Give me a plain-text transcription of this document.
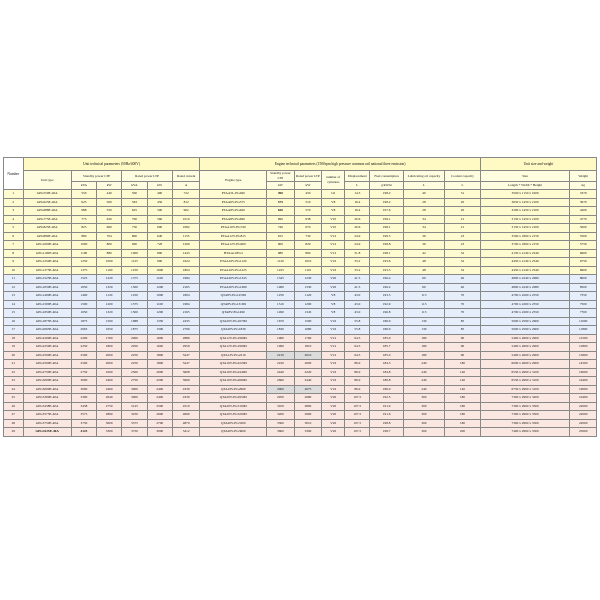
Number	Unit technical parameters (50Hz/400V)						Engine technical parameters (1500rpm high pressure common rail national three emission)								Unit size and weight	
	Unit type	Standby power LTP		Rated power LTP		Rated current	Engine type	Standby power LTP	Rated power LTP	number of cylinders	Displacement	Fuel consumption	Lubricating oil capacity	Coolant capacity	Size	Weight
		kVA	kW	kVA	kW	A		kW	kW		L	g/kW.hr	L	L	Length * Width * Height	kg
1	GPG550E-40A	550	440	500	400	722	PTAA5L-EG490	490	450	L6	14.3	198.2	40	31	3500 x 1150 x 1600	3370
2	GPG625E-40A	625	500	563	450	812	PTAA6V-EG575	575	510	V8	16.4	198.2	28	20	3650 x 1450 x 2100	3970
3	GPG688E-40A	688	550	625	500	902	PTAA8V-EG620	620	570	V8	16.4	197.6	28	20	3200 x 1450 x 2100	4200
4	GPG775E-40A	775	620	700	560	1010	PTAA8V-EG690	690	638	V10	20.6	199.1	34	21	3150 x 1450 x 2100	4770
5	GPG825E-40A	825	660	750	600	1082	PTAA10V-EG740	740	670	V10	20.6	198.1	34	21	3150 x 1450 x 2100	5000
6	GPG880E-40A	880	704	800	640	1155	PTAA12V-EG815	815	730	V12	24.9	199.5	36	23	3500 x 1800 x 2150	5500
7	GPG1000E-40A	1000	800	900	720	1299	PTAA12V-EG900	900	820	V12	24.9	198.8	36	23	3700 x 1800 x 2150	5750
8	GPG1100E-40A	1100	880	1000	800	1443	HTAA12EG3	980	890	V12	31.8	198.1	42	32	4150 x 2140 x 2240	6600
9	GPG1250E-40A	1250	1000	1125	900	1624	PTAA16V-EG1120	1120	1010	V16	33.2	193.6	48	32	4450 x 2140 x 2540	6750
10	GPG1375E-40A	1375	1100	1250	1000	1804	PTAA16V-EG1225	1225	1110	V16	33.2	193.3	48	32	4450 x 2140 x 2540	6900
11	GPG1525E-40A	1525	1220	1375	1100	1984	PTAA20V-EG1345	1345	1230	V20	41.5	196.4	60	40	4800 x 2240 x 2680	8000
12	GPG1650E-40A	1650	1320	1500	1200	2165	PTAA20V-EG1480	1480	1330	V20	41.5	196.2	60	40	4800 x 2240 x 2680	8500
13	GPG1400E-40A	1400	1120	1250	1000	1804	QTA8V-EG1250D	1250	1120	V8	43.0	193.5	113	70	4700 x 2200 x 2550	7350
14	GPG1500E-40A	1500	1200	1375	1100	1984	QTA8V-EG1310D	1310	1200	V8	43.0	192.9	113	70	4700 x 2200 x 2550	7500
15	GPG1650E-40A	1650	1320	1500	1200	2165	QTA8V-EG1490	1490	1345	V8	43.0	196.8	113	70	4700 x 2200 x 2550	7700
16	GPG1875E-40A	1875	1500	1688	1350	2435	QTA20V-EG1670D	1670	1500	V16	55.8	186.9	130	85	5000 x 2500 x 2600	11000
17	GPG2063E-40A	2063	1650	1875	1500	2706	QTA20V-EG1830	1830	1680	V16	55.8	186.9	130	85	5000 x 2500 x 2600	11800
18	GPG2200E-40A	2200	1760	2000	1600	2886	QTA12V-EG1960D	1960	1760	V12	64.5	185.9	180	90	5400 x 2600 x 2900	12500
19	GPG2250E-40A	2250	1800	2050	1640	2959	QTA12V-EG1990D	1990	1810	V12	64.5	185.7	180	90	5400 x 2600 x 2900	12800
20	GPG2500E-40A	2500	2000	2250	1800	3247	QTA12V-EG2210	2210	2010	V12	64.5	185.0	180	90	5400 x 2600 x 2900	13600
21	GPG2500E-40A	2500	2000	2250	1800	3247	QTA16V-EG2220D	2220	2000	V16	86.0	184.5	240	180	6000 x 2600 x 2900	14500
22	GPG2750E-40A	2750	2200	2500	2000	3608	QTA16V-EG2440D	2440	2220	V16	86.0	184.8	240	140	6550 x 2900 x 3100	16000
23	GPG3000E-40A	3000	2400	2750	2200	3969	QTA16V-EG2660D	2660	2440	V16	86.0	186.8	240	140	6550 x 2900 x 3100	16400
24	GPG3000E-40A	3000	2400	3000	2400	4330	QTA16V-EG2900	2900	2675	V16	86.0	186.0	240	140	6750 x 2900 x 3100	19000
25	GPG3300E-40A	3300	2640	3000	2400	4330	QTA20V-EG2950D	2950	2680	V20	107.5	192.5	300	180	7300 x 2900 x 3200	19400
26	GPG3438E-40A	3438	2750	3125	2500	4510	QTA20V-EG3100D	3100	2800	V20	107.5	191.9	300	180	7300 x 2900 x 3500	22000
27	GPG3575E-40A	3575	2860	3250	2600	4690	QTA20V-EG3200D	3200	2900	V20	107.5	191.6	300	180	7300 x 2900 x 3500	22000
28	GPG3750E-40A	3750	3000	3375	2700	4870	QTA20V-EG3300	3300	3010	V20	107.5	198.8	300	180	7300 x 2900 x 3500	22000
29	GPG4125E-40A	4125	3300	3750	3000	5412	QTA20V-EG3600	3600	3300	V20	107.5	198.7	300	200	7400 x 2900 x 3500	25000
